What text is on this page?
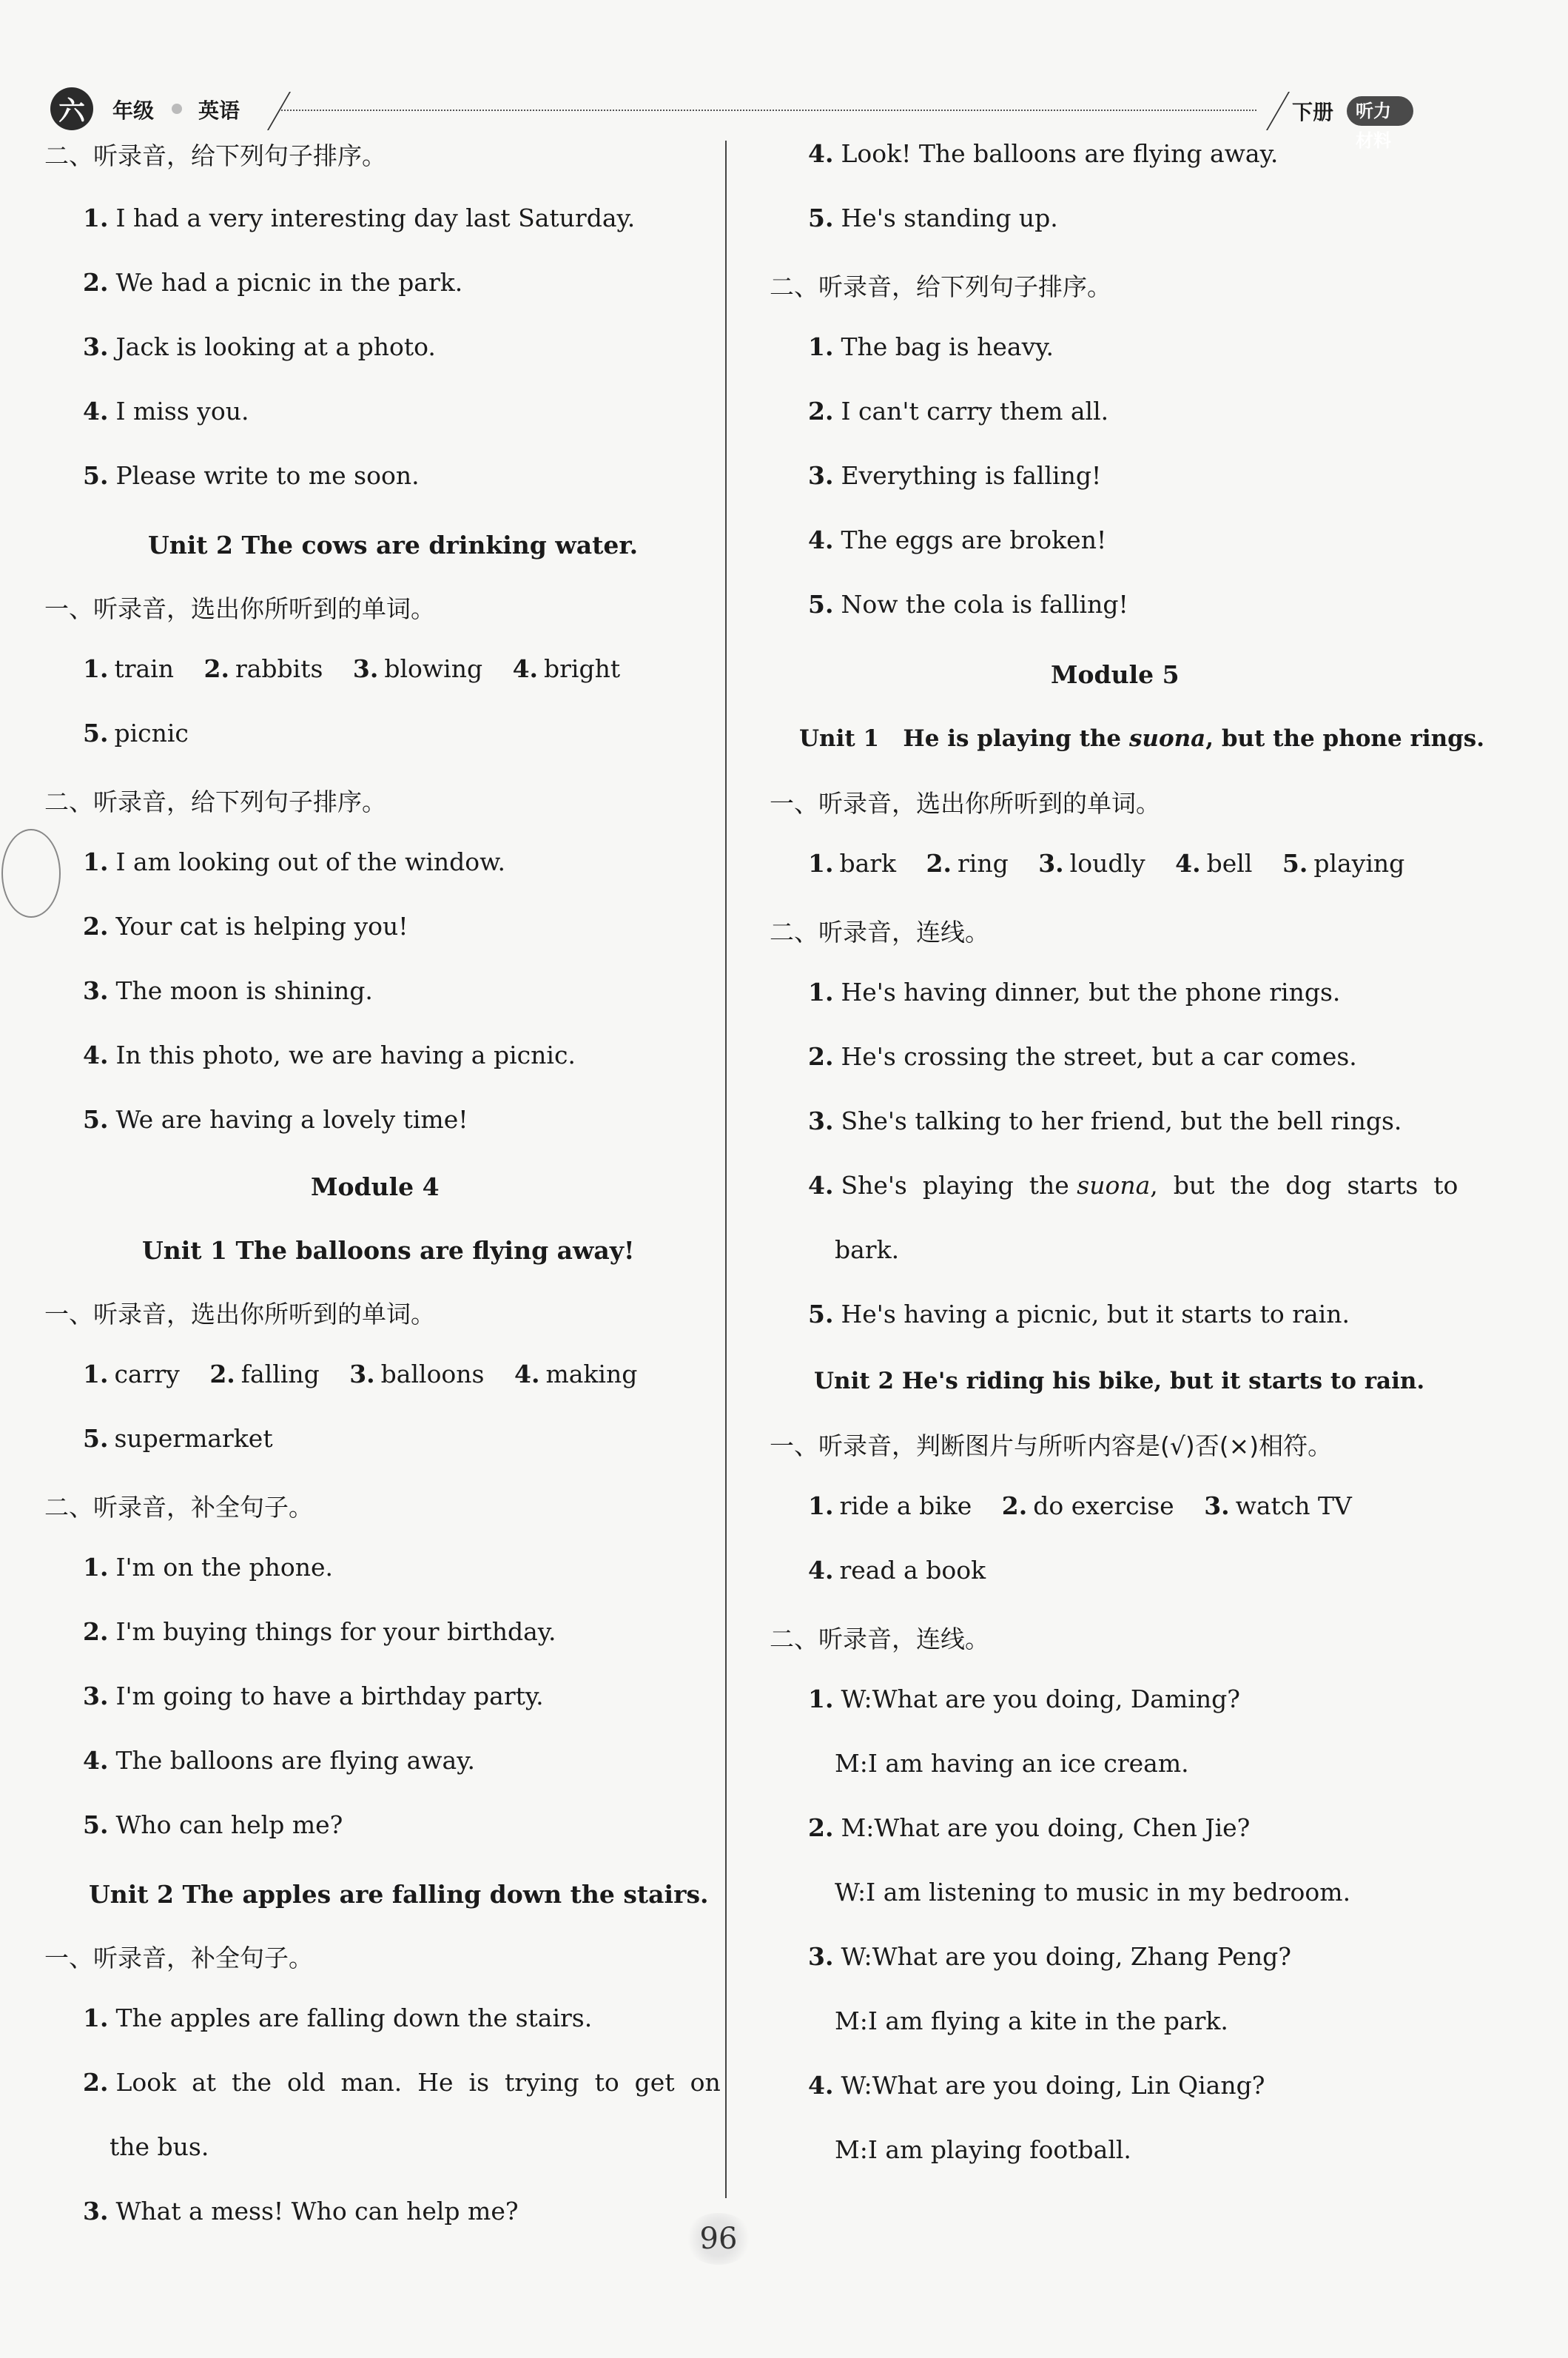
六	年级 英语	下册	听力材料
二、听录音，给下列句子排序。
1. I had a very interesting day last Saturday.
2. We had a picnic in the park.
3. Jack is looking at a photo.
4. I miss you.
5. Please write to me soon.
Unit 2 The cows are drinking water.
一、听录音，选出你所听到的单词。
1. train 2. rabbits 3. blowing 4. bright
5. picnic
二、听录音，给下列句子排序。
1. I am looking out of the window.
2. Your cat is helping you!
3. The moon is shining.
4. In this photo, we are having a picnic.
5. We are having a lovely time!
Module 4
Unit 1 The balloons are flying away!
一、听录音，选出你所听到的单词。
1. carry 2. falling 3. balloons 4. making
5. supermarket
二、听录音，补全句子。
1. I'm on the phone.
2. I'm buying things for your birthday.
3. I'm going to have a birthday party.
4. The balloons are flying away.
5. Who can help me?
Unit 2 The apples are falling down the stairs.
一、听录音，补全句子。
1. The apples are falling down the stairs.
2. Look  at  the  old  man.  He  is  trying  to  get  on
the bus.
3. What a mess! Who can help me?
4. Look! The balloons are flying away.
5. He's standing up.
二、听录音，给下列句子排序。
1. The bag is heavy.
2. I can't carry them all.
3. Everything is falling!
4. The eggs are broken!
5. Now the cola is falling!
Module 5
Unit 1   He is playing the suona, but the phone rings.
一、听录音，选出你所听到的单词。
1. bark 2. ring 3. loudly 4. bell 5. playing
二、听录音，连线。
1. He's having dinner, but the phone rings.
2. He's crossing the street, but a car comes.
3. She's talking to her friend, but the bell rings.
4. She's  playing  the suona,  but  the  dog  starts  to
bark.
5. He's having a picnic, but it starts to rain.
Unit 2 He's riding his bike, but it starts to rain.
一、听录音，判断图片与所听内容是(√)否(×)相符。
1. ride a bike 2. do exercise 3. watch TV
4. read a book
二、听录音，连线。
1. W:What are you doing, Daming?
M:I am having an ice cream.
2. M:What are you doing, Chen Jie?
W:I am listening to music in my bedroom.
3. W:What are you doing, Zhang Peng?
M:I am flying a kite in the park.
4. W:What are you doing, Lin Qiang?
M:I am playing football.
96
